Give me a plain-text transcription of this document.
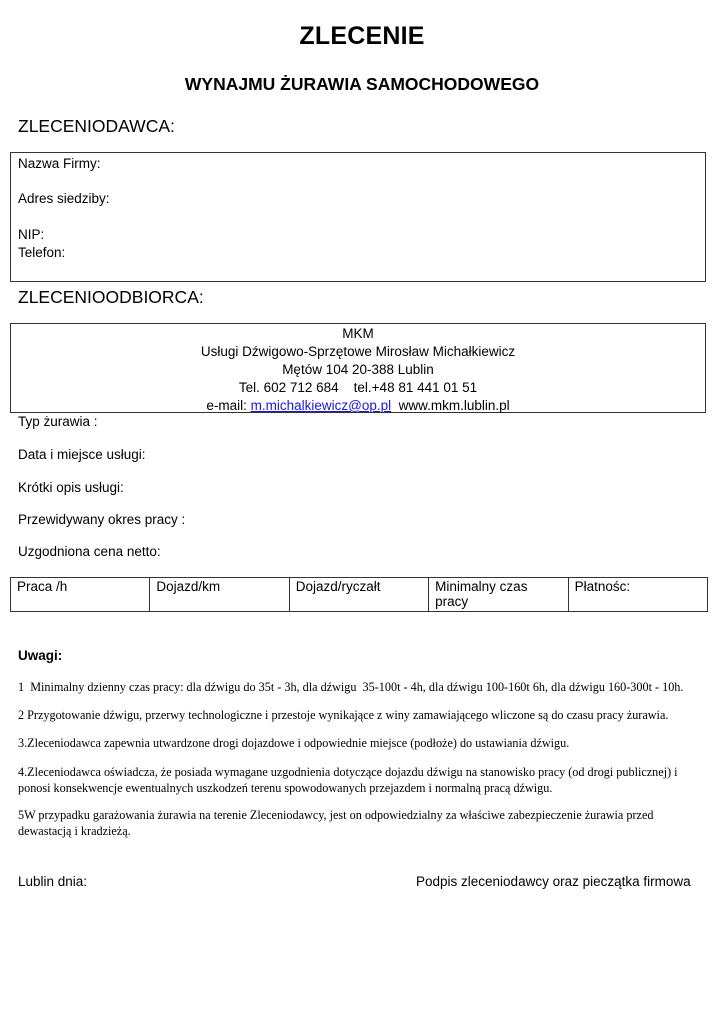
ZLECENIE
WYNAJMU ŻURAWIA SAMOCHODOWEGO
ZLECENIODAWCA:
Nazwa Firmy:
Adres siedziby:
NIP:
Telefon:
ZLECENIOODBIORCA:
MKM
Usługi Dźwigowo-Sprzętowe Mirosław Michałkiewicz
Mętów 104 20-388 Lublin
Tel. 602 712 684    tel.+48 81 441 01 51
e-mail: m.michalkiewicz@op.pl www.mkm.lublin.pl
Typ żurawia :
Data i miejsce usługi:
Krótki opis usługi:
Przewidywany okres pracy :
Uzgodniona cena netto:
Praca /h	Dojazd/km	Dojazd/ryczałt	Minimalny czas pracy	Płatnośc:
Uwagi:
1  Minimalny dzienny czas pracy: dla dźwigu do 35t - 3h, dla dźwigu  35-100t - 4h, dla dźwigu 100-160t 6h, dla dźwigu 160-300t - 10h.
2 Przygotowanie dźwigu, przerwy technologiczne i przestoje wynikające z winy zamawiającego wliczone są do czasu pracy żurawia.
3.Zleceniodawca zapewnia utwardzone drogi dojazdowe i odpowiednie miejsce (podłoże) do ustawiania dźwigu.
4.Zleceniodawca oświadcza, że posiada wymagane uzgodnienia dotyczące dojazdu dźwigu na stanowisko pracy (od drogi publicznej) i ponosi konsekwencje ewentualnych uszkodzeń terenu spowodowanych przejazdem i normalną pracą dźwigu.
5W przypadku garażowania żurawia na terenie Zleceniodawcy, jest on odpowiedzialny za właściwe zabezpieczenie żurawia przed dewastacją i kradzieżą.
Lublin dnia:	Podpis zleceniodawcy oraz pieczątka firmowa
